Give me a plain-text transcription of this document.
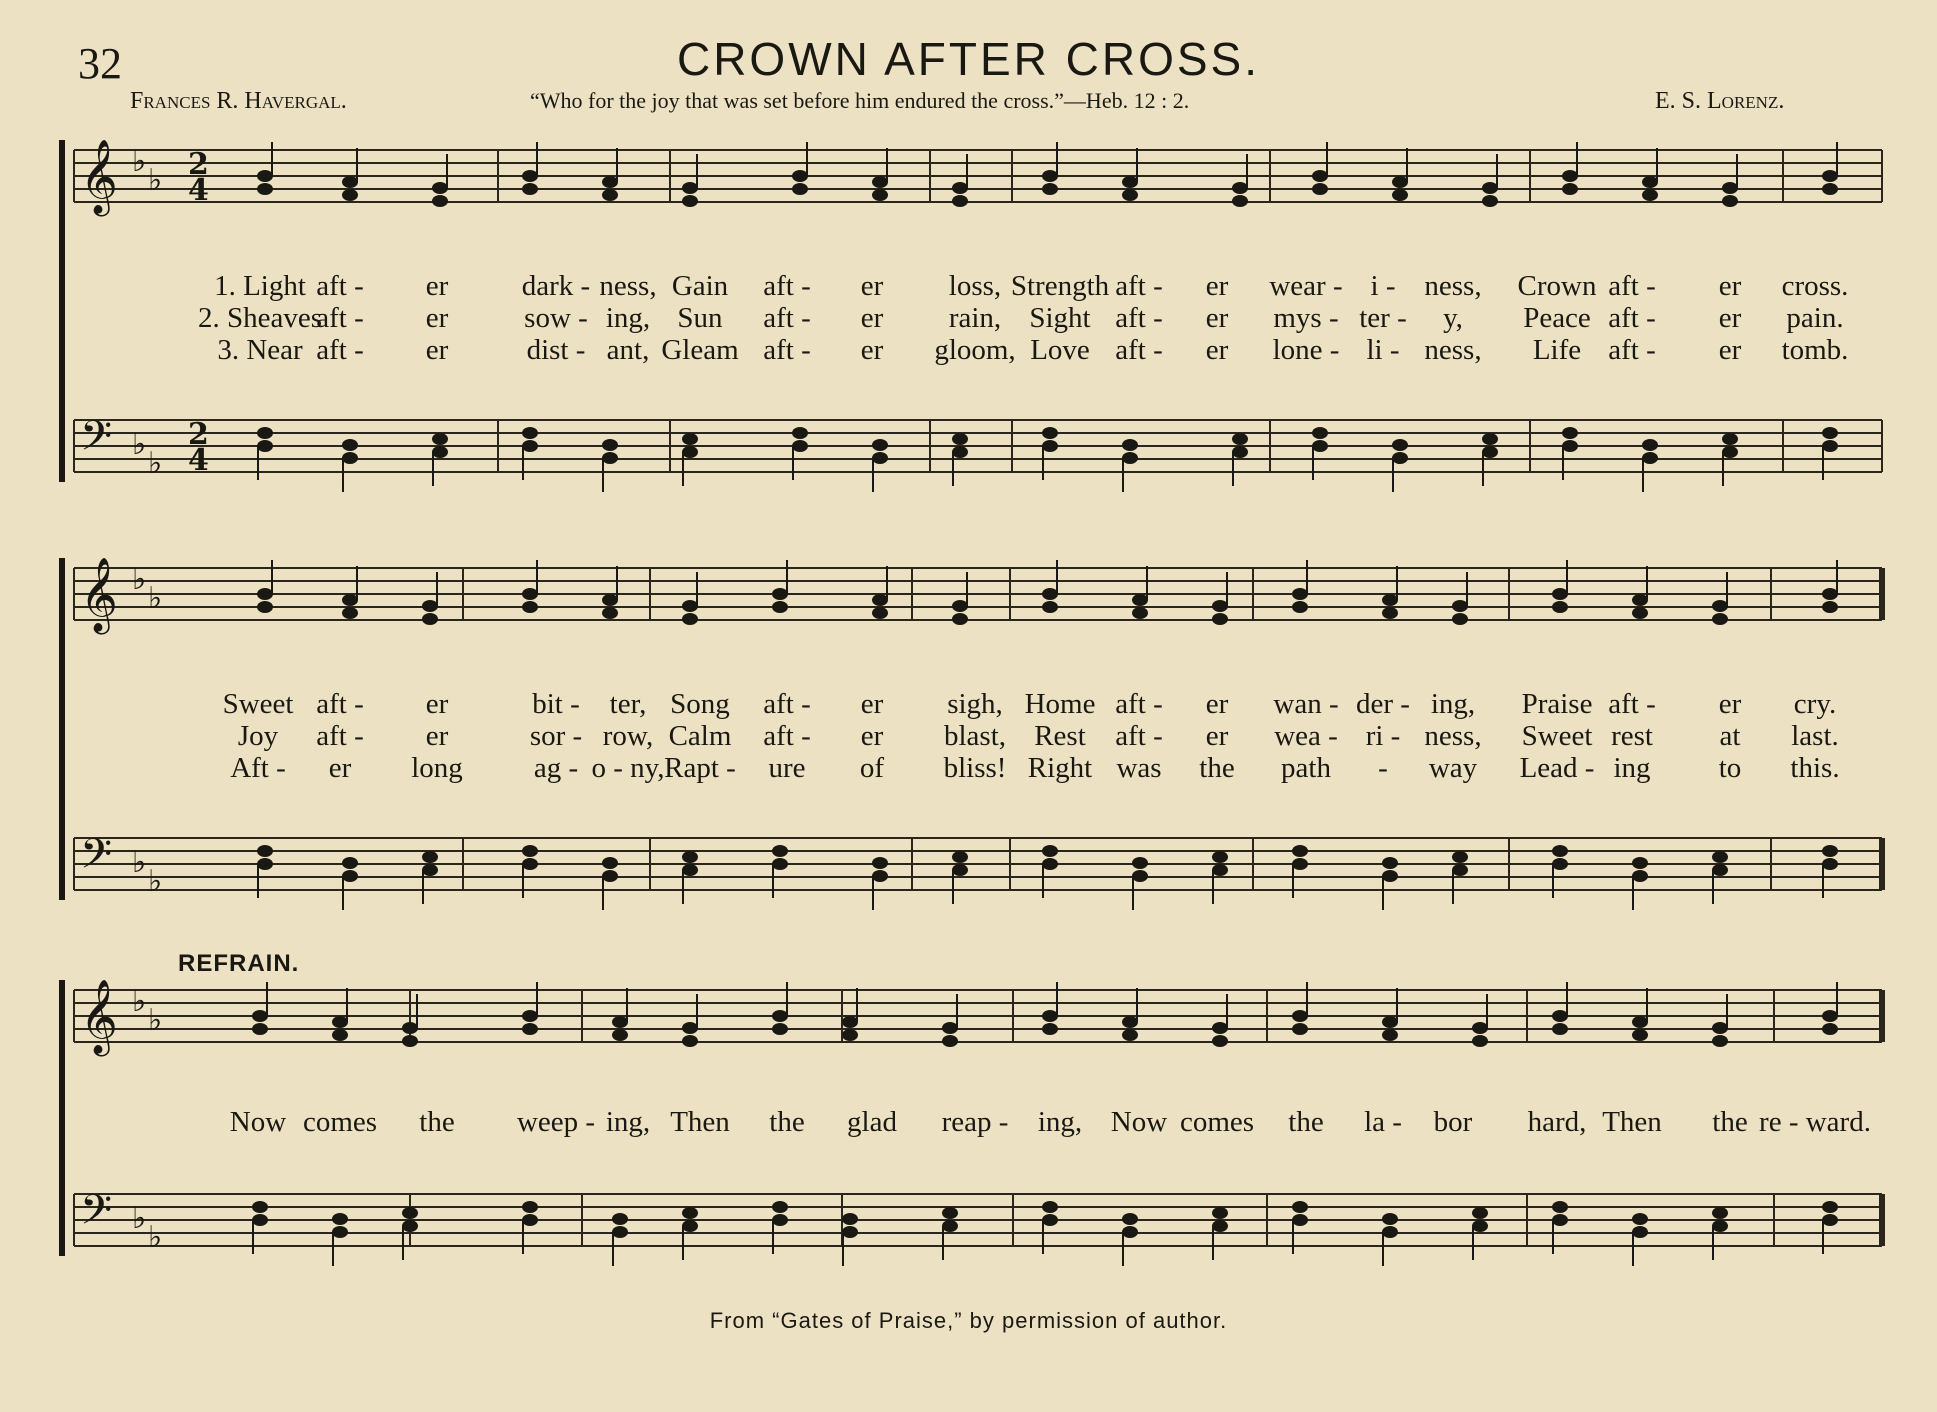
32	CROWN AFTER CROSS.
Frances R. Havergal.	“Who for the joy that was set before him endured the cross.”—Heb. 12 : 2.	E. S. Lorenz.
𝄞 ♭
♭
𝄢 ♭
♭
𝄞 ♭
♭
𝄢 ♭
♭
𝄞 ♭
♭
𝄢 ♭
♭
2
4
2
4
1. Light aft - er	dark - ness, Gain aft - er loss, Strength aft - er wear - i - ness, Crown aft - er cross.
2. Sheaves
aft - er	sow - ing, Sun aft - er rain, Sight aft - er mys - ter - y, Peace aft - er pain.
3. Near aft - er	dist - ant, Gleam aft - er gloom, Love aft - er lone - li - ness, Life aft - er tomb.
Sweet aft - er	bit - ter, Song aft - er sigh, Home aft - er wan - der - ing, Praise aft - er cry.
Joy aft - er	sor - row, Calm aft - er blast, Rest aft - er wea - ri - ness, Sweet rest at last.
Aft - er long ag - o - ny, Rapt - ure of bliss! Right was the path - way Lead - ing to this.
Now comes the weep - ing, Then the glad reap - ing, Now comes the la - bor hard, Then the re - ward.
REFRAIN.
From “Gates of Praise,” by permission of author.
